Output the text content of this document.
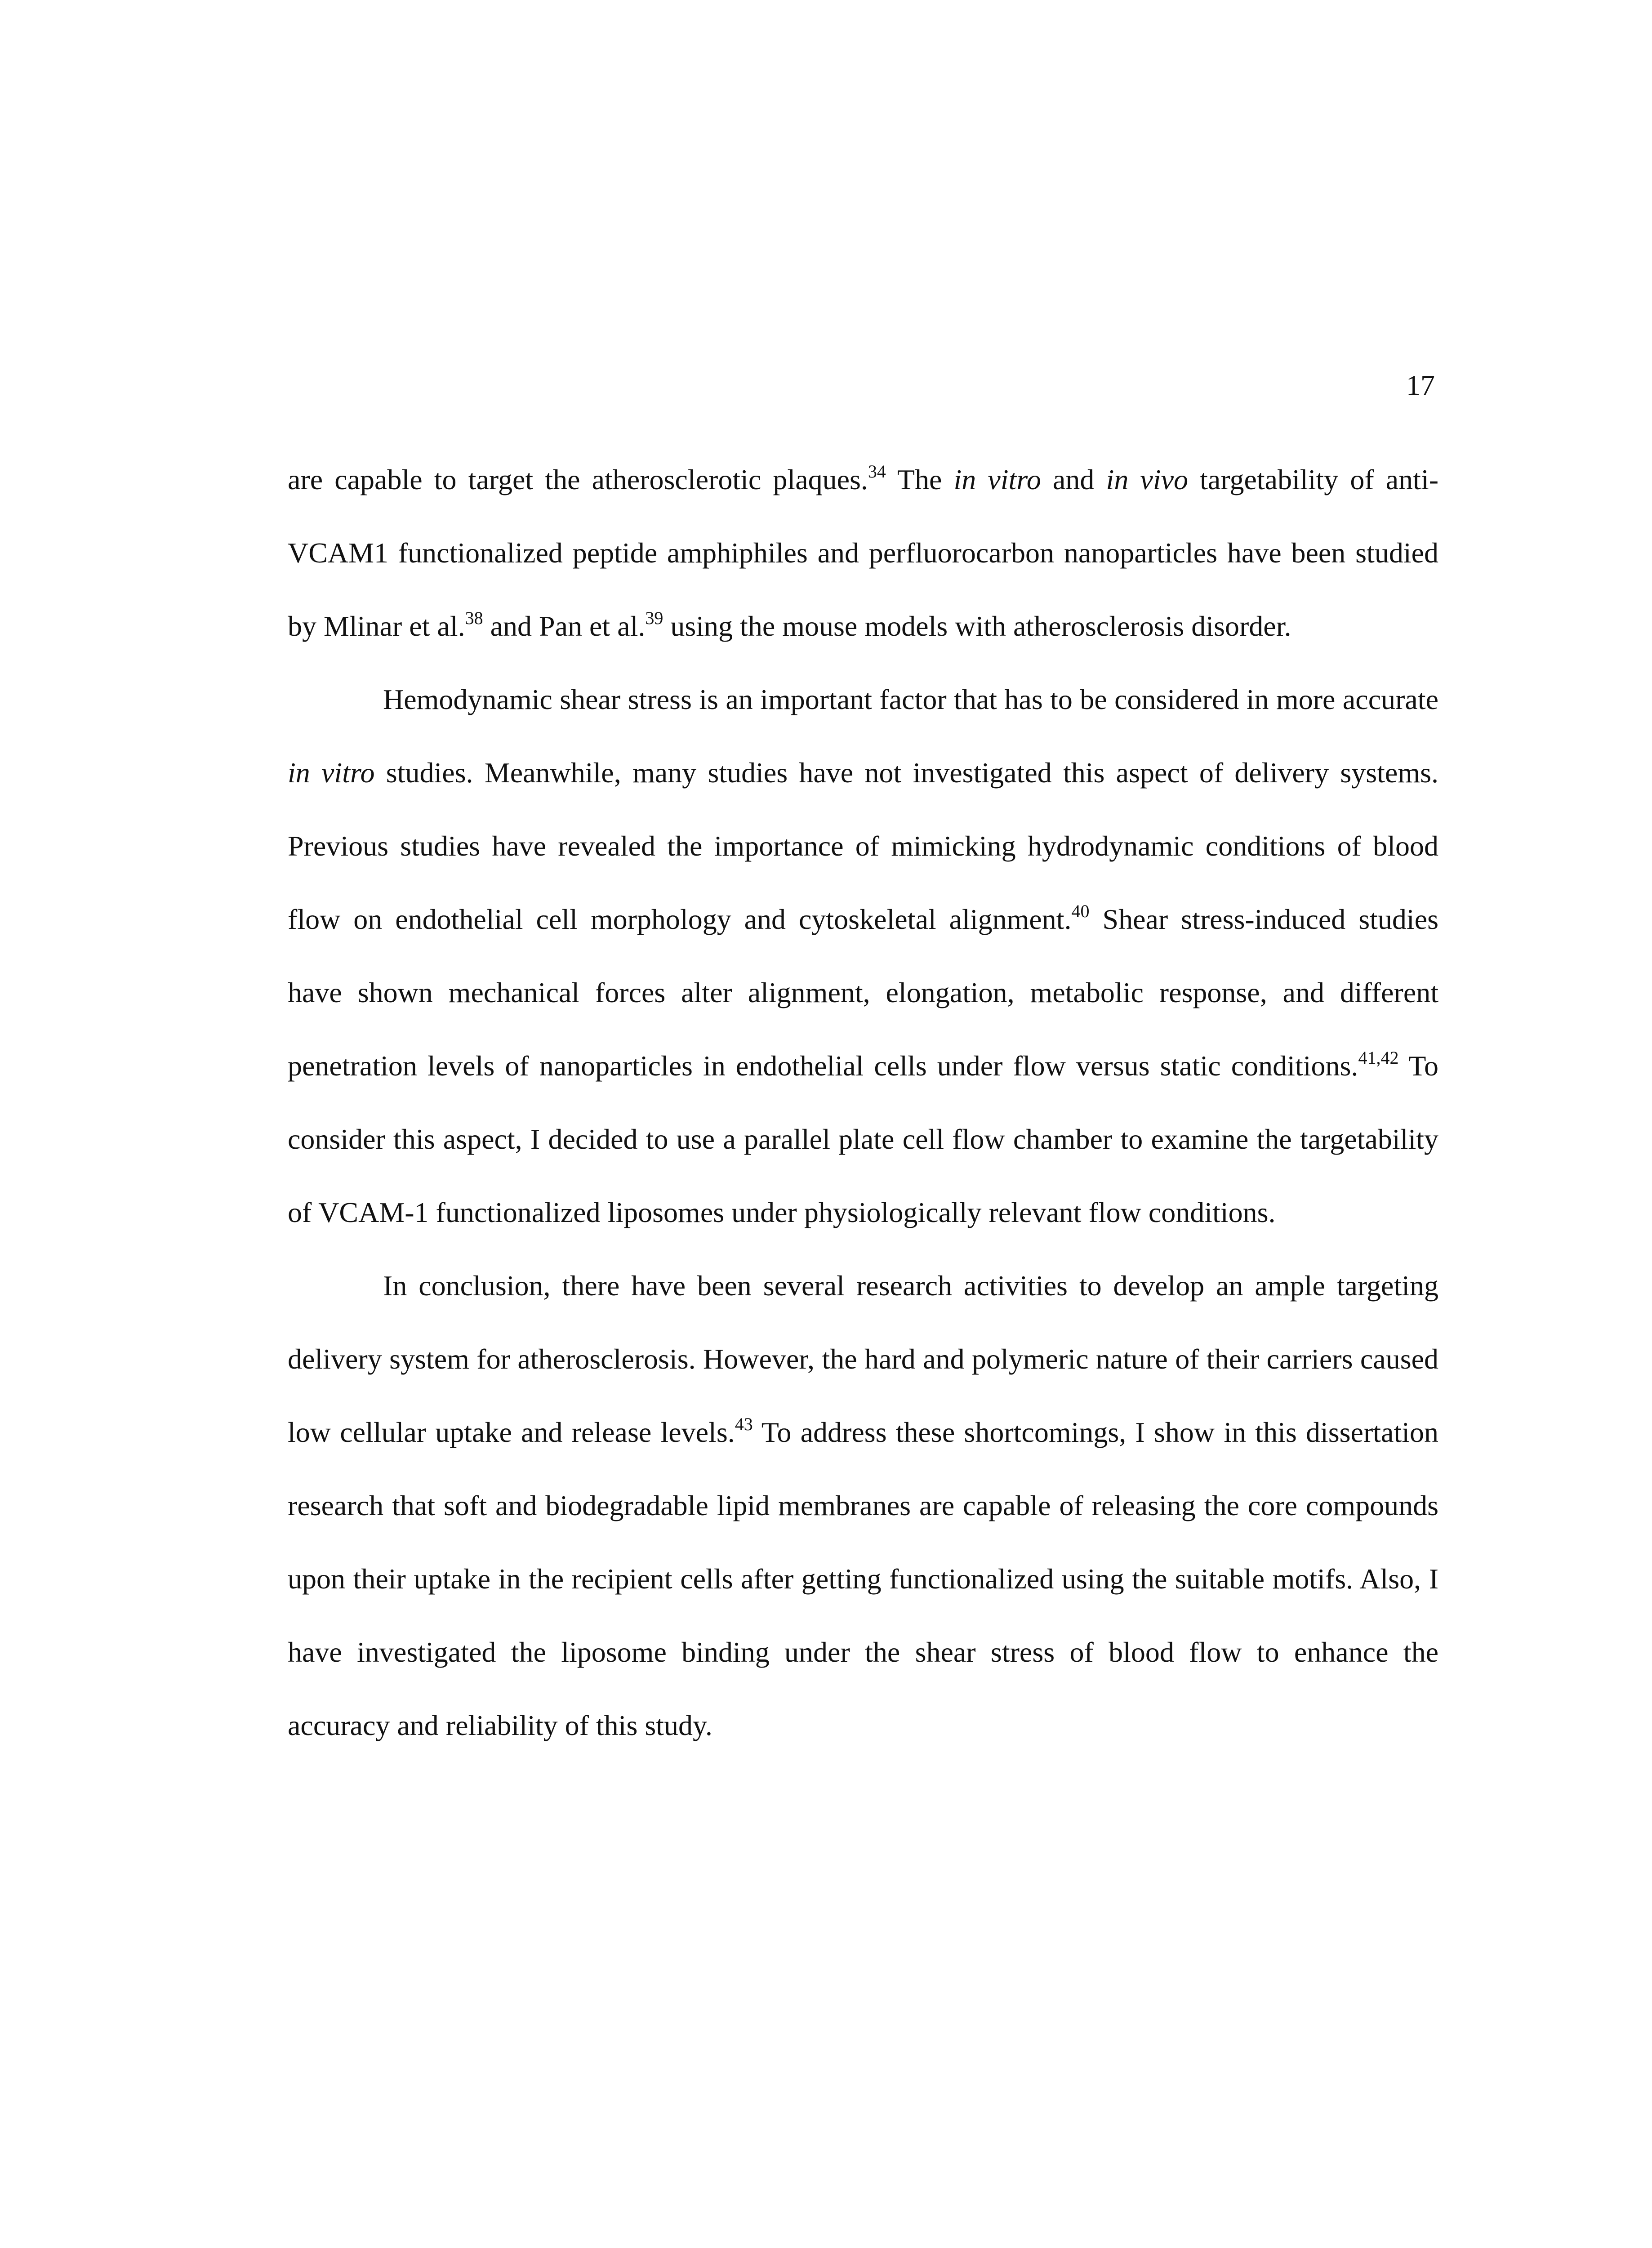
17

are capable to target the atherosclerotic plaques.$^{34}$ The in vitro and in vivo targetability of anti-VCAM1 functionalized peptide amphiphiles and perfluorocarbon nanoparticles have been studied by Mlinar et al.$^{38}$ and Pan et al.$^{39}$ using the mouse models with atherosclerosis disorder.

Hemodynamic shear stress is an important factor that has to be considered in more accurate in vitro studies. Meanwhile, many studies have not investigated this aspect of delivery systems. Previous studies have revealed the importance of mimicking hydrodynamic conditions of blood flow on endothelial cell morphology and cytoskeletal alignment.$^{40}$ Shear stress-induced studies have shown mechanical forces alter alignment, elongation, metabolic response, and different penetration levels of nanoparticles in endothelial cells under flow versus static conditions.$^{41,42}$ To consider this aspect, I decided to use a parallel plate cell flow chamber to examine the targetability of VCAM-1 functionalized liposomes under physiologically relevant flow conditions.

In conclusion, there have been several research activities to develop an ample targeting delivery system for atherosclerosis. However, the hard and polymeric nature of their carriers caused low cellular uptake and release levels.$^{43}$ To address these shortcomings, I show in this dissertation research that soft and biodegradable lipid membranes are capable of releasing the core compounds upon their uptake in the recipient cells after getting functionalized using the suitable motifs. Also, I have investigated the liposome binding under the shear stress of blood flow to enhance the accuracy and reliability of this study.
